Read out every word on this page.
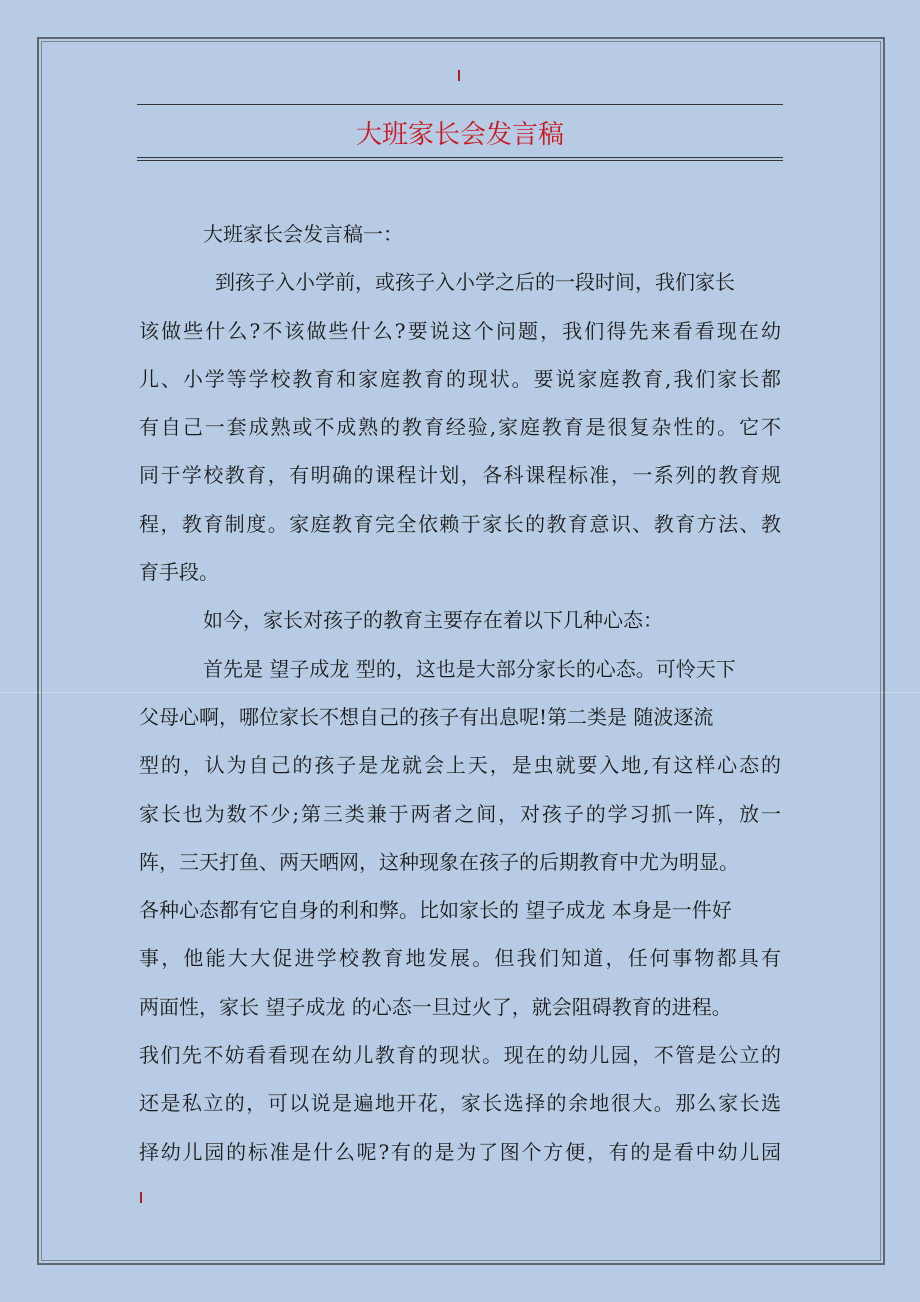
大班家长会发言稿
大班家长会发言稿一：
到孩子入小学前，或孩子入小学之后的一段时间，我们家长
该做些什么?不该做些什么?要说这个问题，我们得先来看看现在幼
儿、小学等学校教育和家庭教育的现状。要说家庭教育,我们家长都
有自己一套成熟或不成熟的教育经验,家庭教育是很复杂性的。它不
同于学校教育，有明确的课程计划，各科课程标准，一系列的教育规
程，教育制度。家庭教育完全依赖于家长的教育意识、教育方法、教
育手段。
如今，家长对孩子的教育主要存在着以下几种心态：
首先是 望子成龙 型的，这也是大部分家长的心态。可怜天下
父母心啊，哪位家长不想自己的孩子有出息呢!第二类是 随波逐流
型的，认为自己的孩子是龙就会上天，是虫就要入地,有这样心态的
家长也为数不少;第三类兼于两者之间，对孩子的学习抓一阵，放一
阵，三天打鱼、两天晒网，这种现象在孩子的后期教育中尤为明显。
各种心态都有它自身的利和弊。比如家长的 望子成龙 本身是一件好
事，他能大大促进学校教育地发展。但我们知道，任何事物都具有
两面性，家长 望子成龙 的心态一旦过火了，就会阻碍教育的进程。
我们先不妨看看现在幼儿教育的现状。现在的幼儿园，不管是公立的
还是私立的，可以说是遍地开花，家长选择的余地很大。那么家长选
择幼儿园的标准是什么呢?有的是为了图个方便，有的是看中幼儿园
